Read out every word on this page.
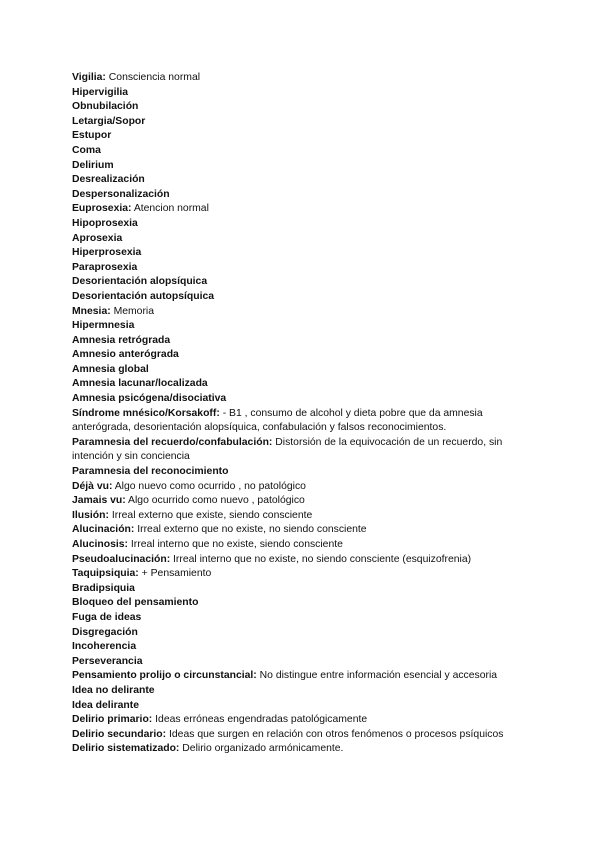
Vigilia: Consciencia normal

Hipervigilia

Obnubilación

Letargia/Sopor

Estupor

Coma

Delirium

Desrealización

Despersonalización

Euprosexia: Atencion normal

Hipoprosexia

Aprosexia

Hiperprosexia

Paraprosexia

Desorientación alopsíquica

Desorientación autopsíquica

Mnesia: Memoria

Hipermnesia

Amnesia retrógrada

Amnesio anterógrada

Amnesia global

Amnesia lacunar/localizada

Amnesia psicógena/disociativa

Síndrome mnésico/Korsakoff: - B1 , consumo de alcohol y dieta pobre que da amnesia anterógrada, desorientación alopsíquica, confabulación y falsos reconocimientos.

Paramnesia del recuerdo/confabulación: Distorsión de la equivocación de un recuerdo, sin intención y sin conciencia

Paramnesia del reconocimiento

Déjà vu: Algo nuevo como ocurrido , no patológico

Jamais vu: Algo ocurrido como nuevo , patológico

Ilusión: Irreal externo que existe, siendo consciente

Alucinación: Irreal externo que no existe, no siendo consciente

Alucinosis: Irreal interno que no existe, siendo consciente

Pseudoalucinación: Irreal interno que no existe, no siendo consciente (esquizofrenia)

Taquipsiquia: + Pensamiento

Bradipsiquia

Bloqueo del pensamiento

Fuga de ideas

Disgregación

Incoherencia

Perseverancia

Pensamiento prolijo o circunstancial: No distingue entre información esencial y accesoria

Idea no delirante

Idea delirante

Delirio primario: Ideas erróneas engendradas patológicamente

Delirio secundario: Ideas que surgen en relación con otros fenómenos o procesos psíquicos

Delirio sistematizado: Delirio organizado armónicamente.
